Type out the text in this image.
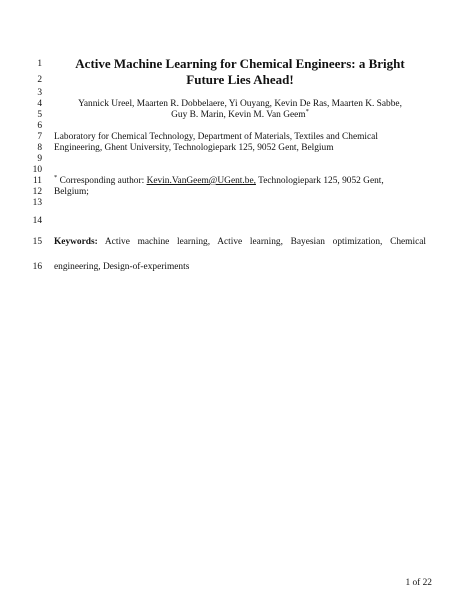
1	Active Machine Learning for Chemical Engineers: a Bright
2	Future Lies Ahead!
3
4	Yannick Ureel, Maarten R. Dobbelaere, Yi Ouyang, Kevin De Ras, Maarten K. Sabbe,
5	Guy B. Marin, Kevin M. Van Geem*
6
7 Laboratory for Chemical Technology, Department of Materials, Textiles and Chemical
8 Engineering, Ghent University, Technologiepark 125, 9052 Gent, Belgium
9
10
11 * Corresponding author: Kevin.VanGeem@UGent.be, Technologiepark 125, 9052 Gent,
12 Belgium;
13
14
15 Keywords: Active machine learning, Active learning, Bayesian optimization, Chemical
16 engineering, Design-of-experiments
1 of 22
